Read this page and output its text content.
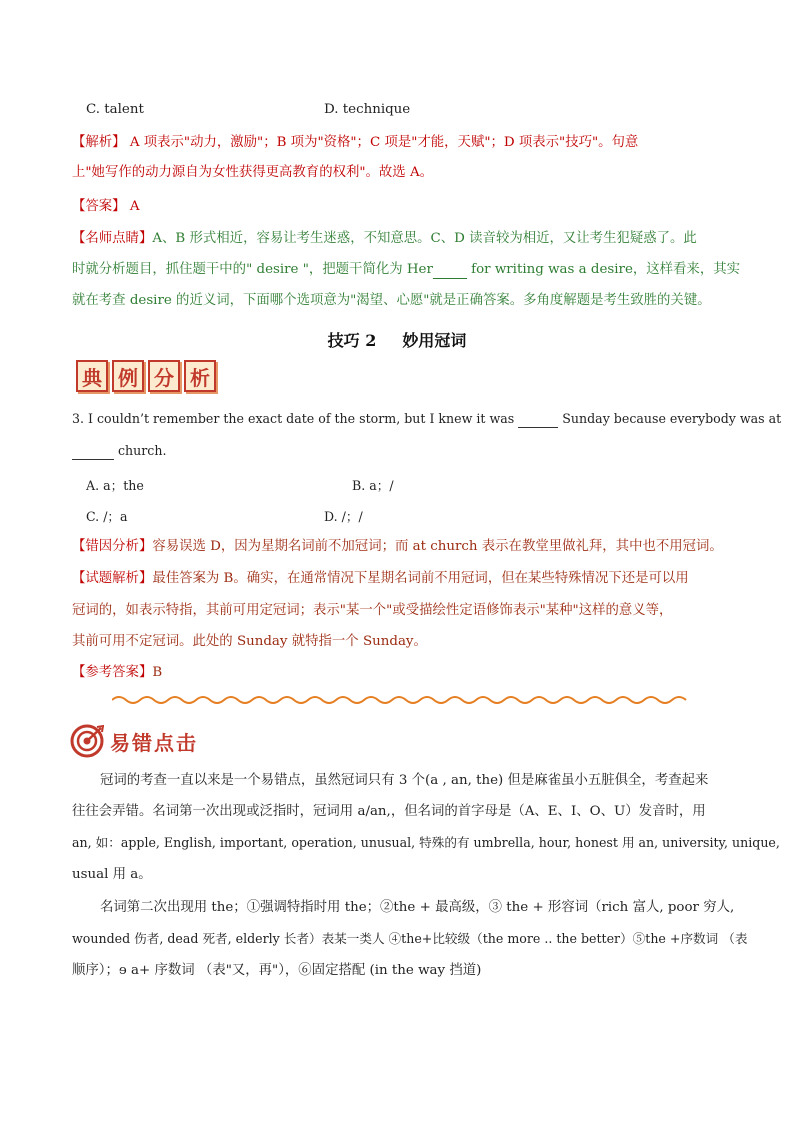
C. talent	D. technique
【解析】 A 项表示"动力，激励"；B 项为"资格"；C 项是"才能，天赋"；D 项表示"技巧"。句意
上"她写作的动力源自为女性获得更高教育的权利"。故选 A。
【答案】 A
【名师点睛】A、B 形式相近，容易让考生迷惑，不知意思。C、D 读音较为相近，又让考生犯疑惑了。此
时就分析题目，抓住题干中的" desire "，把题干简化为 Her	for writing was a desire，这样看来，其实
就在考查 desire 的近义词，下面哪个选项意为"渴望、心愿"就是正确答案。多角度解题是考生致胜的关键。
技巧 2 妙用冠词
典 例 分 析
3. I couldn’t remember the exact date of the storm, but I knew it was	Sunday because everybody was at
church.
A. a；the	B. a；/
C. /；a	D. /；/
【错因分析】容易误选 D，因为星期名词前不加冠词；而 at church 表示在教堂里做礼拜，其中也不用冠词。
【试题解析】最佳答案为 B。确实，在通常情况下星期名词前不用冠词，但在某些特殊情况下还是可以用
冠词的，如表示特指，其前可用定冠词；表示"某一个"或受描绘性定语修饰表示"某种"这样的意义等，
其前可用不定冠词。此处的 Sunday 就特指一个 Sunday。
【参考答案】B
易错点击
冠词的考查一直以来是一个易错点，虽然冠词只有 3 个(a , an, the) 但是麻雀虽小五脏俱全，考查起来
往往会弄错。名词第一次出现或泛指时，冠词用 a/an,，但名词的首字母是（A、E、I、O、U）发音时，用
an, 如：apple, English, important, operation, unusual, 特殊的有 umbrella, hour, honest 用 an, university, unique,
usual 用 a。
名词第二次出现用 the；①强调特指时用 the；②the + 最高级，③ the + 形容词（rich 富人, poor 穷人,
wounded 伤者, dead 死者, elderly 长者）表某一类人 ④the+比较级（the more .. the better）⑤the +序数词 （表
顺序）；ɘ a+ 序数词 （表"又，再"），⑥固定搭配 (in the way 挡道)
